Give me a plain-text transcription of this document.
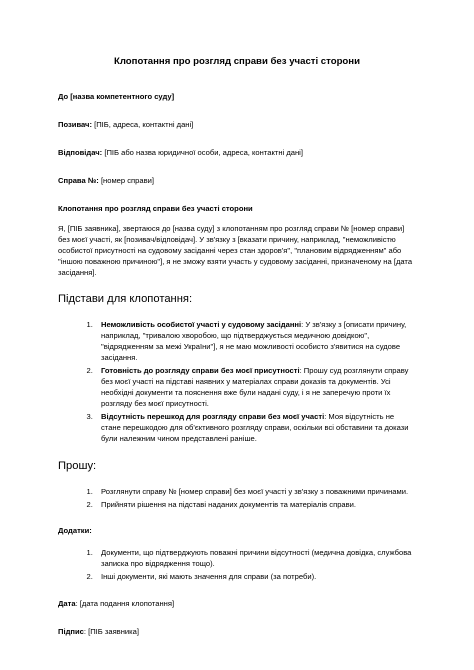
Клопотання про розгляд справи без участі сторони
До [назва компетентного суду]
Позивач: [ПІБ, адреса, контактні дані]
Відповідач: [ПІБ або назва юридичної особи, адреса, контактні дані]
Справа №: [номер справи]
Клопотання про розгляд справи без участі сторони
Я, [ПІБ заявника], звертаюся до [назва суду] з клопотанням про розгляд справи № [номер справи] без моєї участі, як [позивач/відповідач]. У зв'язку з [вказати причину, наприклад, "неможливістю особистої присутності на судовому засіданні через стан здоров'я", "плановим відрядженням" або "іншою поважною причиною"], я не зможу взяти участь у судовому засіданні, призначеному на [дата засідання].
Підстави для клопотання:
1. Неможливість особистої участі у судовому засіданні: У зв'язку з [описати причину, наприклад, "тривалою хворобою, що підтверджується медичною довідкою", "відрядженням за межі України"], я не маю можливості особисто з'явитися на судове засідання.
2. Готовність до розгляду справи без моєї присутності: Прошу суд розглянути справу без моєї участі на підставі наявних у матеріалах справи доказів та документів. Усі необхідні документи та пояснення вже були надані суду, і я не заперечую проти їх розгляду без моєї присутності.
3. Відсутність перешкод для розгляду справи без моєї участі: Моя відсутність не стане перешкодою для об'єктивного розгляду справи, оскільки всі обставини та докази були належним чином представлені раніше.
Прошу:
1. Розглянути справу № [номер справи] без моєї участі у зв'язку з поважними причинами.
2. Прийняти рішення на підставі наданих документів та матеріалів справи.
Додатки:
1. Документи, що підтверджують поважні причини відсутності (медична довідка, службова записка про відрядження тощо).
2. Інші документи, які мають значення для справи (за потреби).
Дата: [дата подання клопотання]
Підпис: [ПІБ заявника]
